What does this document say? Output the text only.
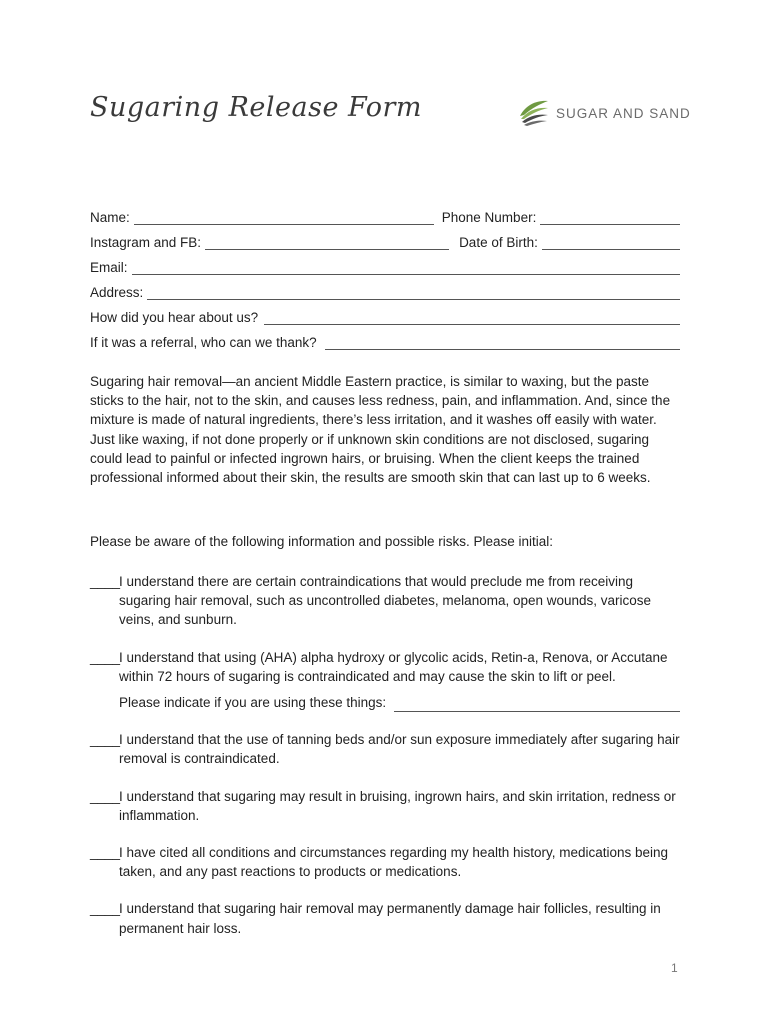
Sugaring Release Form	SUGAR AND SAND
Name:	Phone Number:
Instagram and FB:	Date of Birth:
Email:
Address:
How did you hear about us?
If it was a referral, who can we thank?
Sugaring hair removal—an ancient Middle Eastern practice, is similar to waxing, but the paste sticks to the hair, not to the skin, and causes less redness, pain, and inflammation. And, since the mixture is made of natural ingredients, there’s less irritation, and it washes off easily with water. Just like waxing, if not done properly or if unknown skin conditions are not disclosed, sugaring could lead to painful or infected ingrown hairs, or bruising. When the client keeps the trained professional informed about their skin, the results are smooth skin that can last up to 6 weeks.
Please be aware of the following information and possible risks. Please initial:
____
I understand there are certain contraindications that would preclude me from receiving sugaring hair removal, such as uncontrolled diabetes, melanoma, open wounds, varicose veins, and sunburn.
____
I understand that using (AHA) alpha hydroxy or glycolic acids, Retin-a, Renova, or Accutane within 72 hours of sugaring is contraindicated and may cause the skin to lift or peel.
Please indicate if you are using these things:
____
I understand that the use of tanning beds and/or sun exposure immediately after sugaring hair removal is contraindicated.
____
I understand that sugaring may result in bruising, ingrown hairs, and skin irritation, redness or inflammation.
____
I have cited all conditions and circumstances regarding my health history, medications being taken, and any past reactions to products or medications.
____
I understand that sugaring hair removal may permanently damage hair follicles, resulting in permanent hair loss.
1
